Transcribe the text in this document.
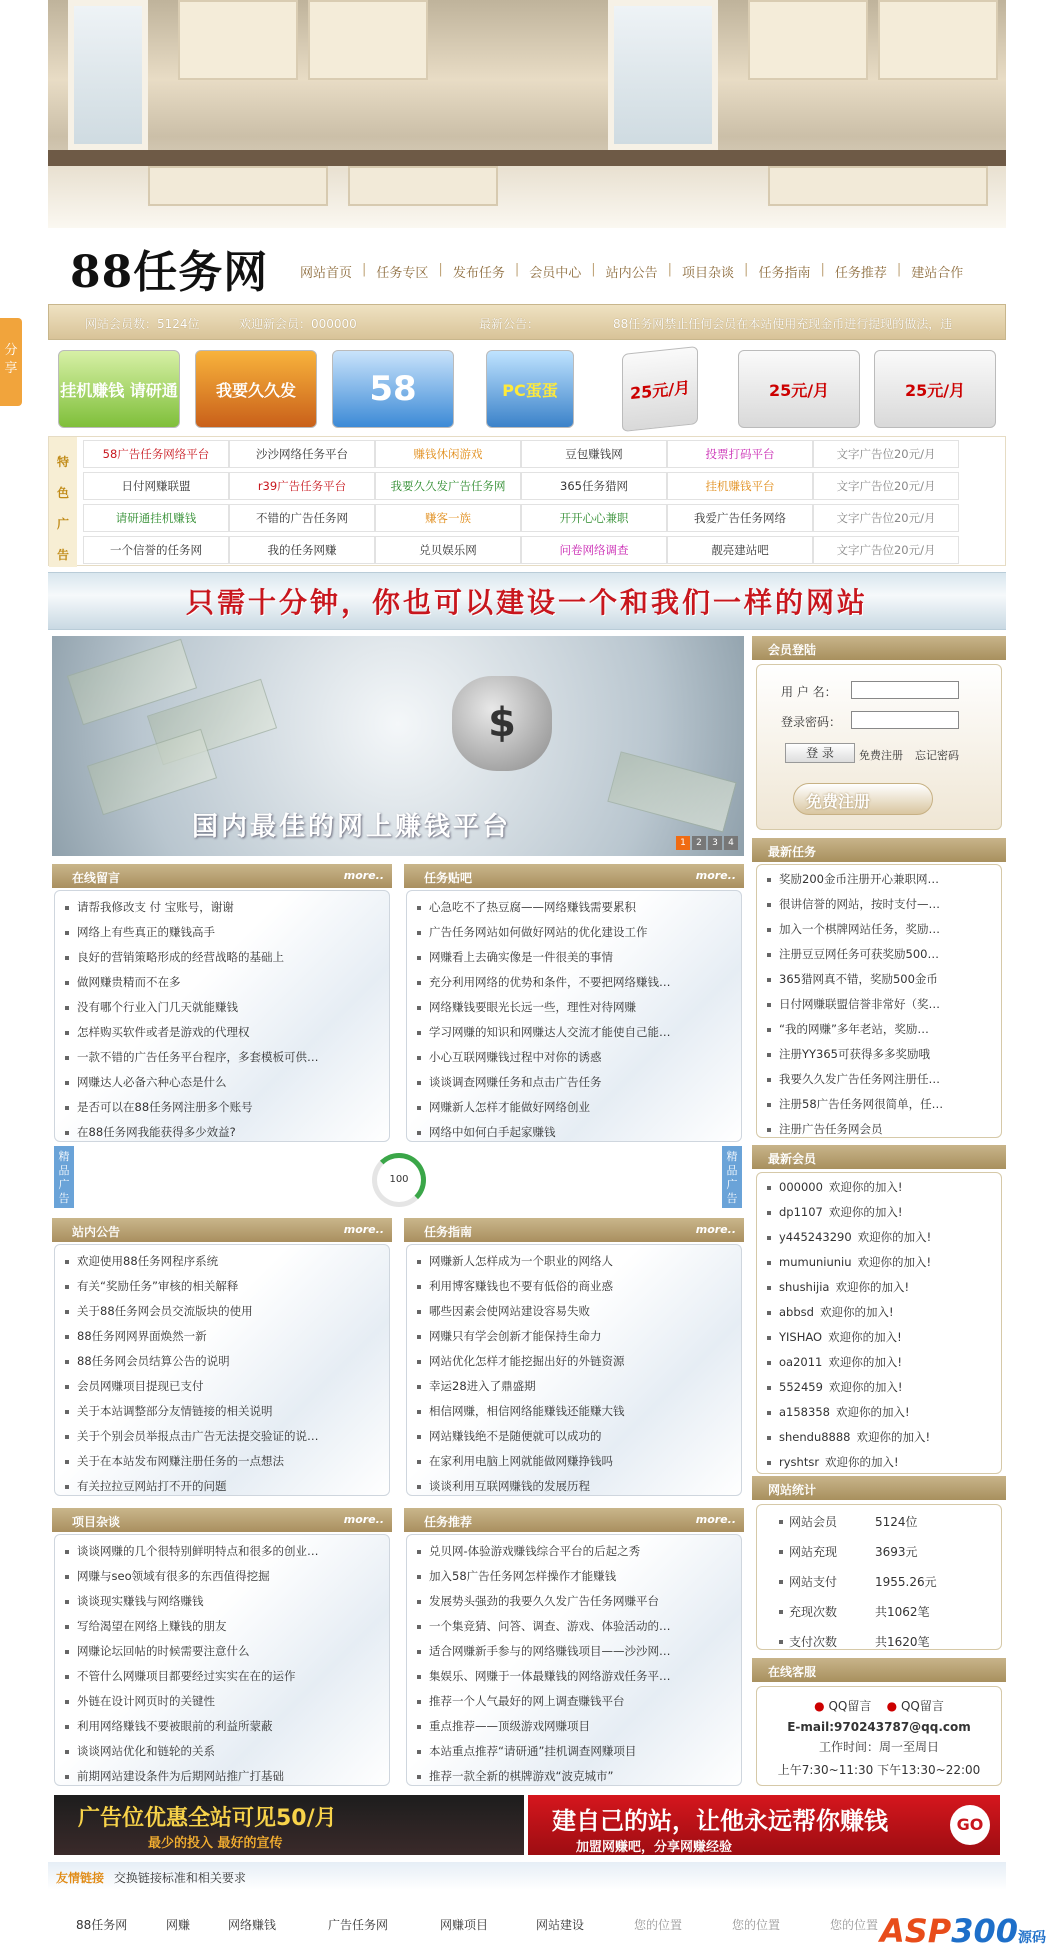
88任务网 网站首页 | 任务专区 | 发布任务 | 会员中心 | 站内公告 | 项目杂谈 | 任务指南 | 任务推荐 | 建站合作
网站会员数：5124位	欢迎新会员：000000	最新公告：	88任务网禁止任何会员在本站使用充现金币进行提现的做法，违
分享
挂机赚钱 请研通	我要久久发	58	PC蛋蛋	25元/月	25元/月	25元/月
特
色
广
告
58广告任务网络平台	沙沙网络任务平台	赚钱休闲游戏	豆包赚钱网	投票打码平台	文字广告位20元/月
日付网赚联盟	r39广告任务平台	我要久久发广告任务网	365任务猎网	挂机赚钱平台	文字广告位20元/月
请研通挂机赚钱	不错的广告任务网	赚客一族	开开心心兼职	我爱广告任务网络	文字广告位20元/月
一个信誉的任务网	我的任务网赚	兑贝娱乐网	问卷网络调查	靓亮建站吧	文字广告位20元/月
只需十分钟，你也可以建设一个和我们一样的网站
$
国内最佳的网上赚钱平台
1	2	3	4
会员登陆
用 户 名：
登录密码：
登 录	免费注册 忘记密码
免费注册
最新任务
奖励200金币注册开心兼职网…
很讲信誉的网站，按时支付—…
加入一个棋牌网站任务，奖励…
注册豆豆网任务可获奖励500…
365猎网真不错，奖励500金币
日付网赚联盟信誉非常好（奖…
“我的网赚”多年老站，奖励…
注册YY365可获得多多奖励哦
我要久久发广告任务网注册任…
注册58广告任务网很简单，任…
注册广告任务网会员
最新会员
000000 欢迎你的加入!
dp1107 欢迎你的加入!
y445243290 欢迎你的加入!
mumuniuniu 欢迎你的加入!
shushijia 欢迎你的加入!
abbsd 欢迎你的加入!
YISHAO 欢迎你的加入!
oa2011 欢迎你的加入!
552459 欢迎你的加入!
a158358 欢迎你的加入!
shendu8888 欢迎你的加入!
ryshtsr 欢迎你的加入!
网站统计
网站会员	5124位
网站充现	3693元
网站支付	1955.26元
充现次数	共1062笔
支付次数	共1620笔
在线客服
● QQ留言 ● QQ留言
E-mail:970243787@qq.com
工作时间：周一至周日
上午7:30~11:30 下午13:30~22:00
在线留言	more..
请帮我修改支 付 宝账号，谢谢
网络上有些真正的赚钱高手
良好的营销策略形成的经营战略的基础上
做网赚贵精而不在多
没有哪个行业入门几天就能赚钱
怎样购买软件或者是游戏的代理权
一款不错的广告任务平台程序，多套模板可供…
网赚达人必备六种心态是什么
是否可以在88任务网注册多个账号
在88任务网我能获得多少效益?
任务贴吧	more..
心急吃不了热豆腐——网络赚钱需要累积
广告任务网站如何做好网站的优化建设工作
网赚看上去确实像是一件很美的事情
充分利用网络的优势和条件，不要把网络赚钱…
网络赚钱要眼光长远一些，理性对待网赚
学习网赚的知识和网赚达人交流才能使自己能…
小心互联网赚钱过程中对你的诱惑
谈谈调查网赚任务和点击广告任务
网赚新人怎样才能做好网络创业
网络中如何白手起家赚钱
精品广告
精品广告
100
站内公告	more..
欢迎使用88任务网程序系统
有关“奖励任务”审核的相关解释
关于88任务网会员交流版块的使用
88任务网网界面焕然一新
88任务网会员结算公告的说明
会员网赚项目提现已支付
关于本站调整部分友情链接的相关说明
关于个别会员举报点击广告无法提交验证的说…
关于在本站发布网赚注册任务的一点想法
有关拉拉豆网站打不开的问题
任务指南	more..
网赚新人怎样成为一个职业的网络人
利用博客赚钱也不要有低俗的商业惑
哪些因素会使网站建设容易失败
网赚只有学会创新才能保持生命力
网站优化怎样才能挖掘出好的外链资源
幸运28进入了鼎盛期
相信网赚，相信网络能赚钱还能赚大钱
网站赚钱绝不是随便就可以成功的
在家利用电脑上网就能做网赚挣钱吗
谈谈利用互联网赚钱的发展历程
项目杂谈	more..
谈谈网赚的几个很特别鲜明特点和很多的创业…
网赚与seo领域有很多的东西值得挖掘
谈谈现实赚钱与网络赚钱
写给渴望在网络上赚钱的朋友
网赚论坛回帖的时候需要注意什么
不管什么网赚项目都要经过实实在在的运作
外链在设计网页时的关键性
利用网络赚钱不要被眼前的利益所蒙蔽
谈谈网站优化和链轮的关系
前期网站建设条件为后期网站推广打基础
任务推荐	more..
兑贝网-体验游戏赚钱综合平台的后起之秀
加入58广告任务网怎样操作才能赚钱
发展势头强劲的我要久久发广告任务网赚平台
一个集竞猜、问答、调查、游戏、体验活动的…
适合网赚新手参与的网络赚钱项目——沙沙网…
集娱乐、网赚于一体最赚钱的网络游戏任务平…
推荐一个人气最好的网上调查赚钱平台
重点推荐——顶级游戏网赚项目
本站重点推荐“请研通”挂机调查网赚项目
推荐一款全新的棋牌游戏“波克城市”
广告位优惠全站可见50/月
最少的投入 最好的宣传
建自己的站，让他永远帮你赚钱
加盟网赚吧，分享网赚经验
GO
友情链接 交换链接标准和相关要求
88任务网	网赚	网络赚钱	广告任务网	网赚项目	网站建设	您的位置	您的位置	您的位置 ASP300源码
